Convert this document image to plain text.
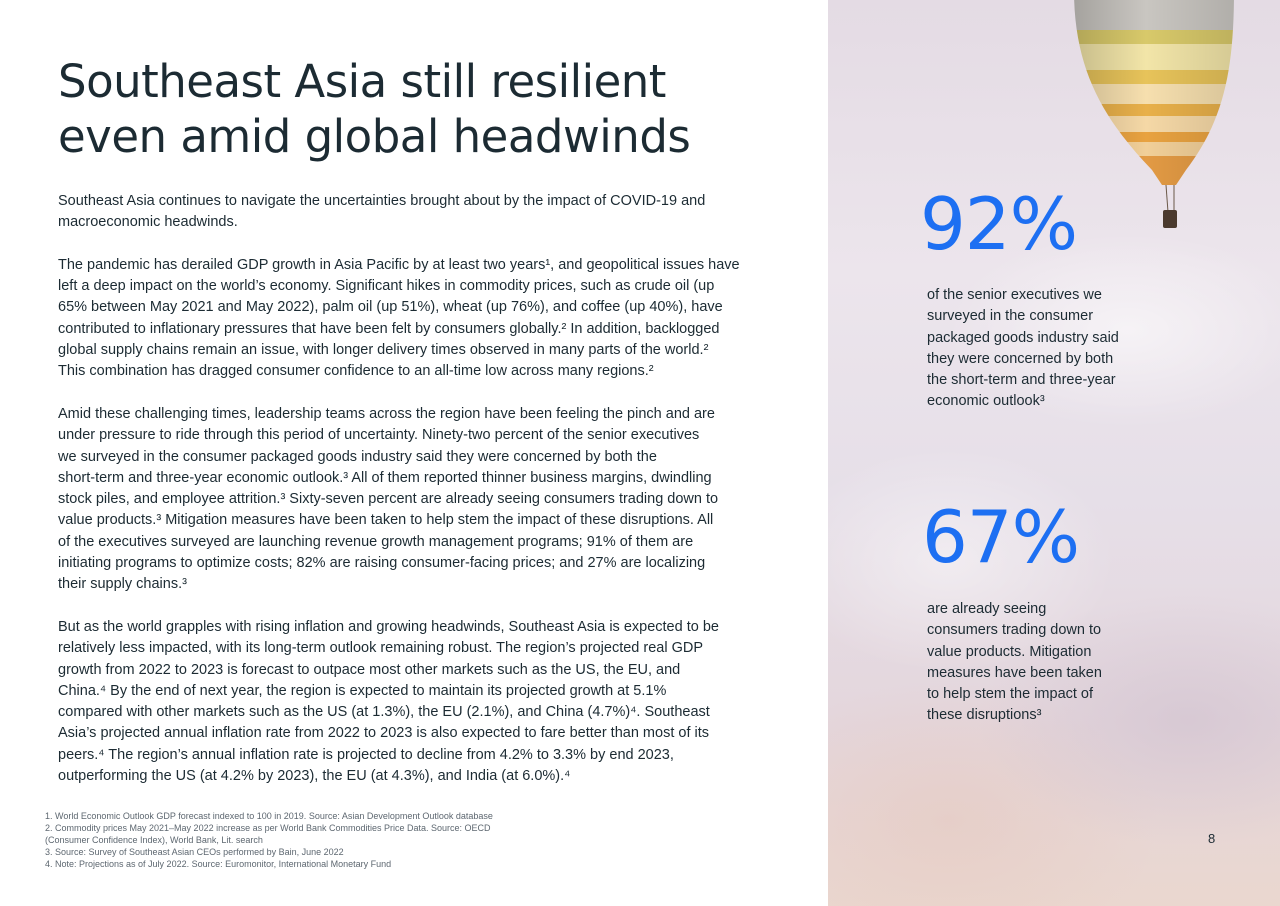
Southeast Asia still resilient
even amid global headwinds

Southeast Asia continues to navigate the uncertainties brought about by the impact of COVID-19 and
macroeconomic headwinds.

The pandemic has derailed GDP growth in Asia Pacific by at least two years¹, and geopolitical issues have
left a deep impact on the world’s economy. Significant hikes in commodity prices, such as crude oil (up
65% between May 2021 and May 2022), palm oil (up 51%), wheat (up 76%), and coffee (up 40%), have
contributed to inflationary pressures that have been felt by consumers globally.² In addition, backlogged
global supply chains remain an issue, with longer delivery times observed in many parts of the world.²
This combination has dragged consumer confidence to an all-time low across many regions.²

Amid these challenging times, leadership teams across the region have been feeling the pinch and are
under pressure to ride through this period of uncertainty. Ninety-two percent of the senior executives
we surveyed in the consumer packaged goods industry said they were concerned by both the
short-term and three-year economic outlook.³ All of them reported thinner business margins, dwindling
stock piles, and employee attrition.³ Sixty-seven percent are already seeing consumers trading down to
value products.³ Mitigation measures have been taken to help stem the impact of these disruptions. All
of the executives surveyed are launching revenue growth management programs; 91% of them are
initiating programs to optimize costs; 82% are raising consumer-facing prices; and 27% are localizing
their supply chains.³

But as the world grapples with rising inflation and growing headwinds, Southeast Asia is expected to be
relatively less impacted, with its long-term outlook remaining robust. The region’s projected real GDP
growth from 2022 to 2023 is forecast to outpace most other markets such as the US, the EU, and
China.⁴ By the end of next year, the region is expected to maintain its projected growth at 5.1%
compared with other markets such as the US (at 1.3%), the EU (2.1%), and China (4.7%)⁴. Southeast
Asia’s projected annual inflation rate from 2022 to 2023 is also expected to fare better than most of its
peers.⁴ The region’s annual inflation rate is projected to decline from 4.2% to 3.3% by end 2023,
outperforming the US (at 4.2% by 2023), the EU (at 4.3%), and India (at 6.0%).⁴

1. World Economic Outlook GDP forecast indexed to 100 in 2019. Source: Asian Development Outlook database
2. Commodity prices May 2021–May 2022 increase as per World Bank Commodities Price Data. Source: OECD
(Consumer Confidence Index), World Bank, Lit. search
3. Source: Survey of Southeast Asian CEOs performed by Bain, June 2022
4. Note: Projections as of July 2022. Source: Euromonitor, International Monetary Fund

92%

of the senior executives we
surveyed in the consumer
packaged goods industry said
they were concerned by both
the short-term and three-year
economic outlook³

67%

are already seeing
consumers trading down to
value products. Mitigation
measures have been taken
to help stem the impact of
these disruptions³

8
